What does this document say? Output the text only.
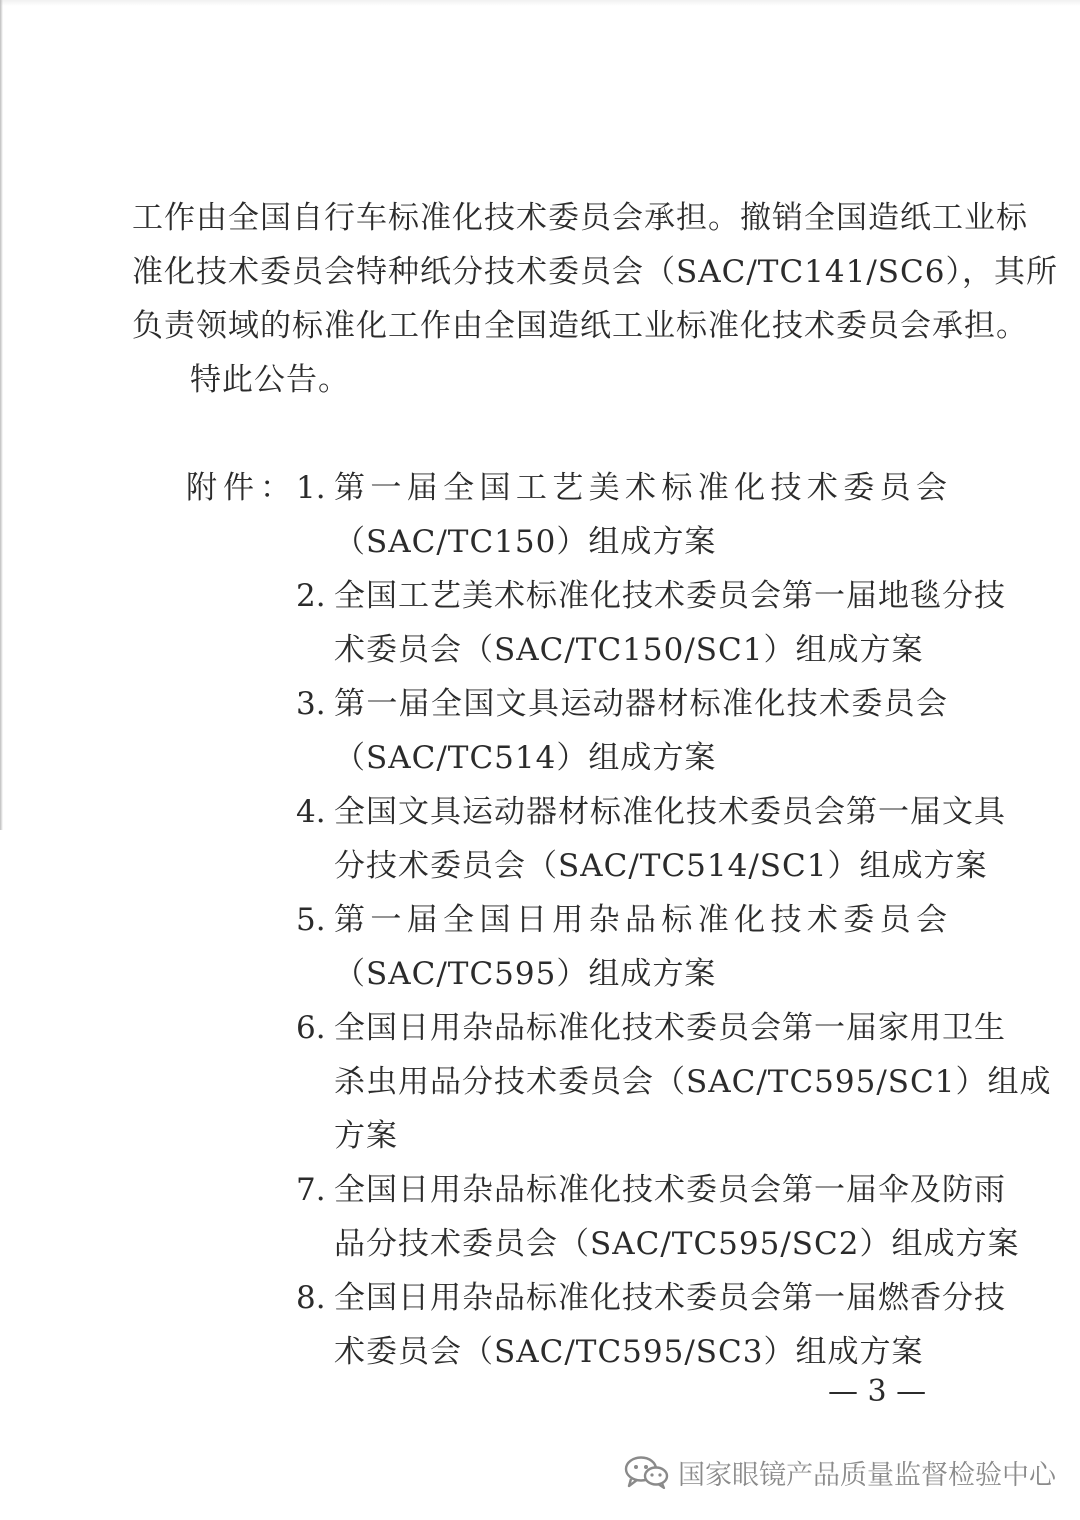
工作由全国自行车标准化技术委员会承担。撤销全国造纸工业标
准化技术委员会特种纸分技术委员会（SAC/TC141/SC6），其所
负责领域的标准化工作由全国造纸工业标准化技术委员会承担。
特此公告。
附件： 1. 第一届全国工艺美术标准化技术委员会
（SAC/TC150）组成方案
2. 全国工艺美术标准化技术委员会第一届地毯分技
术委员会（SAC/TC150/SC1）组成方案
3. 第一届全国文具运动器材标准化技术委员会
（SAC/TC514）组成方案
4. 全国文具运动器材标准化技术委员会第一届文具
分技术委员会（SAC/TC514/SC1）组成方案
5. 第一届全国日用杂品标准化技术委员会
（SAC/TC595）组成方案
6. 全国日用杂品标准化技术委员会第一届家用卫生
杀虫用品分技术委员会（SAC/TC595/SC1）组成
方案
7. 全国日用杂品标准化技术委员会第一届伞及防雨
品分技术委员会（SAC/TC595/SC2）组成方案
8. 全国日用杂品标准化技术委员会第一届燃香分技
术委员会（SAC/TC595/SC3）组成方案
— 3 —
国家眼镜产品质量监督检验中心
